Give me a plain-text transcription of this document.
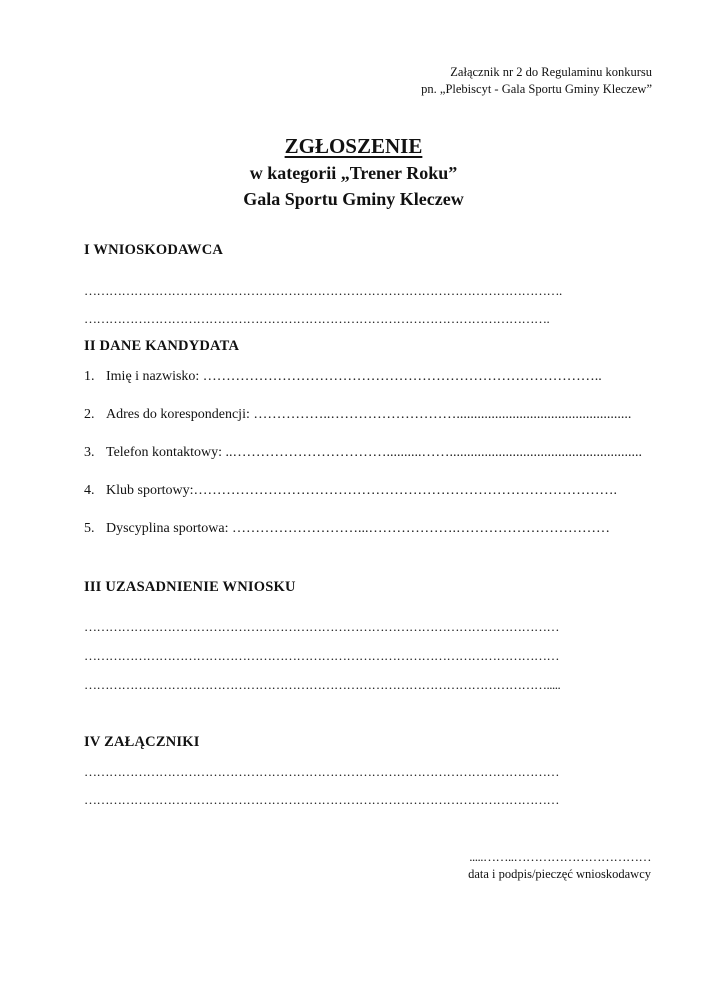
Załącznik nr 2 do Regulaminu konkursu
pn. „Plebiscyt - Gala Sportu Gminy Kleczew”
ZGŁOSZENIE
w kategorii „Trener Roku”
Gala Sportu Gminy Kleczew
I WNIOSKODAWCA
…………………………………………………………………………………………………….
………………………………………………………………………………………………….
II DANE KANDYDATA
1. Imię i nazwisko: …………………………………………………………………………..
2. Adres do korespondencji: ……………..………………………..................................................
3. Telefon kontaktowy: ..……………………………..........…….......................................................
4. Klub sportowy:……………………………………………………………………………….
5. Dyscyplina sportowa: ………………………...……………….……………………………
III UZASADNIENIE WNIOSKU
……………………………………………………………………………………………………
……………………………………………………………………………………………………
………………………………………………………………………………………………….....
IV ZAŁĄCZNIKI
……………………………………………………………………………………………………
……………………………………………………………………………………………………
.....……..……………………………
data i podpis/pieczęć wnioskodawcy
